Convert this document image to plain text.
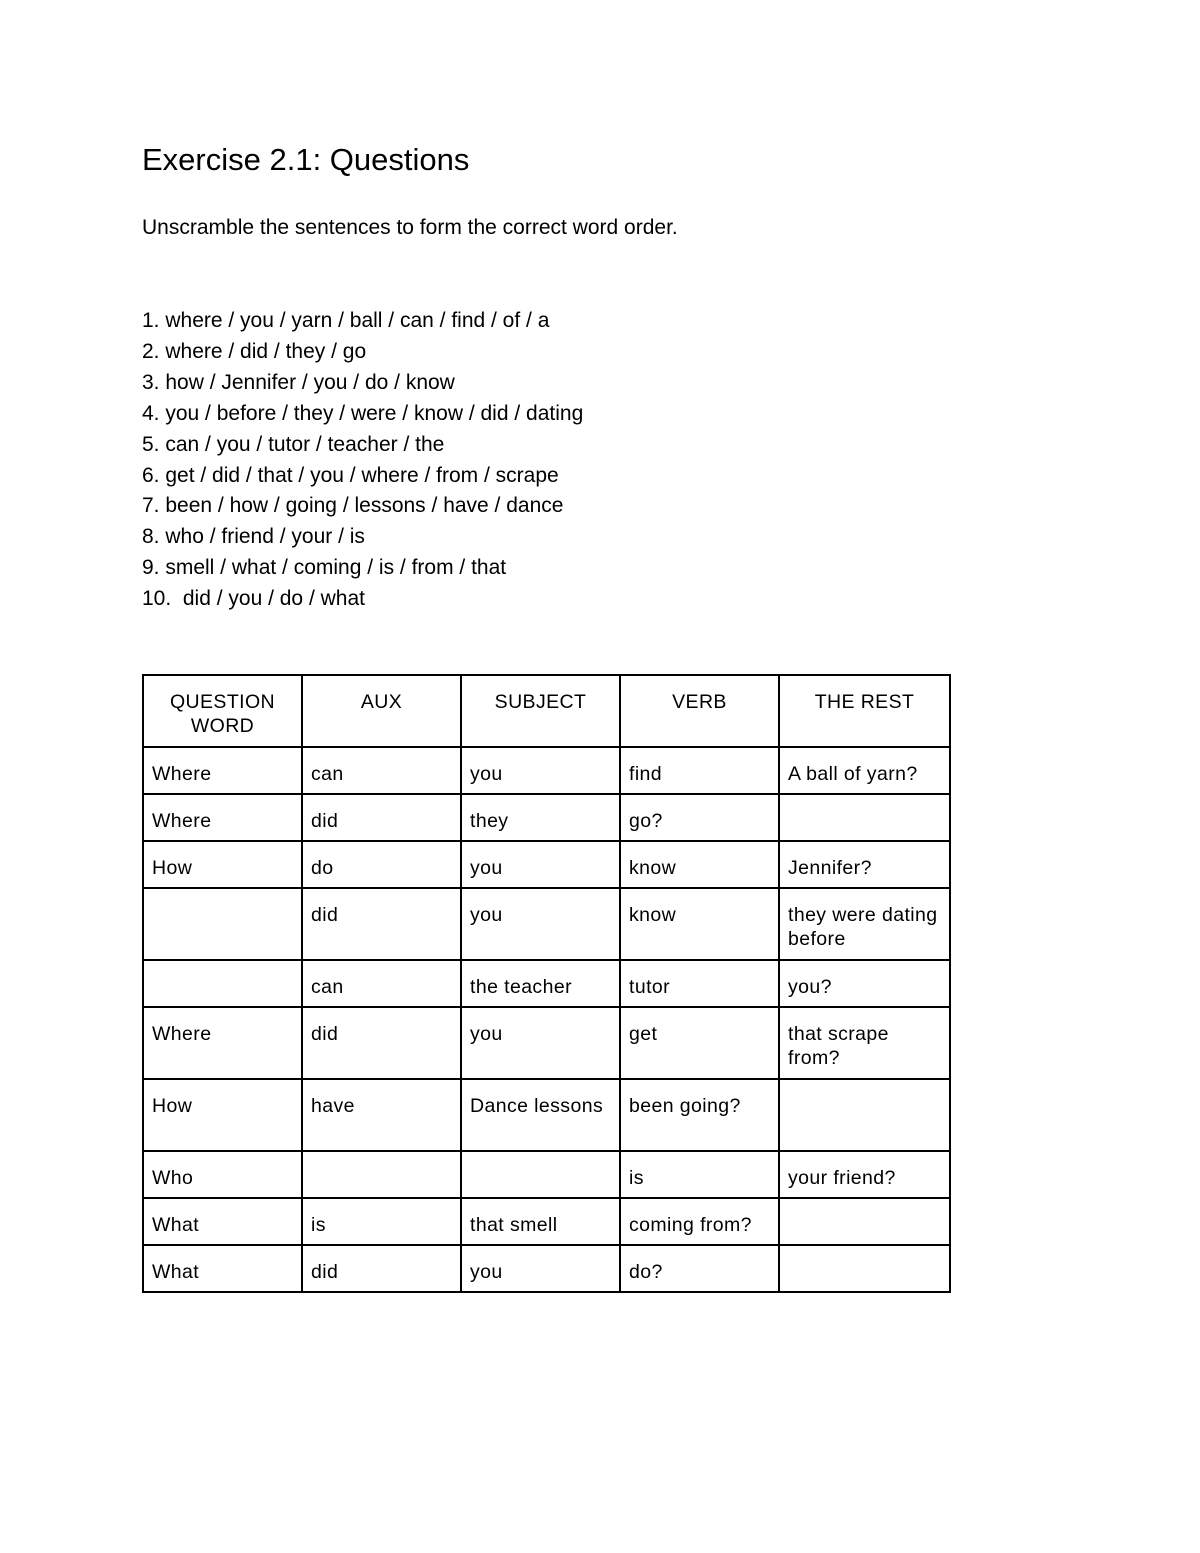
Exercise 2.1: Questions

Unscramble the sentences to form the correct word order.

1. where / you / yarn / ball / can / find / of / a
2. where / did / they / go
3. how / Jennifer / you / do / know
4. you / before / they / were / know / did / dating
5. can / you / tutor / teacher / the
6. get / did / that / you / where / from / scrape
7. been / how / going / lessons / have / dance
8. who / friend / your / is
9. smell / what / coming / is / from / that
10.  did / you / do / what
QUESTION WORD	AUX	SUBJECT	VERB	THE REST
Where	can	you	find	A ball of yarn?
Where	did	they	go?	
How	do	you	know	Jennifer?
	did	you	know	they were dating before
	can	the teacher	tutor	you?
Where	did	you	get	that scrape from?
How	have	Dance lessons	been going?	
Who			is	your friend?
What	is	that smell	coming from?	
What	did	you	do?	
